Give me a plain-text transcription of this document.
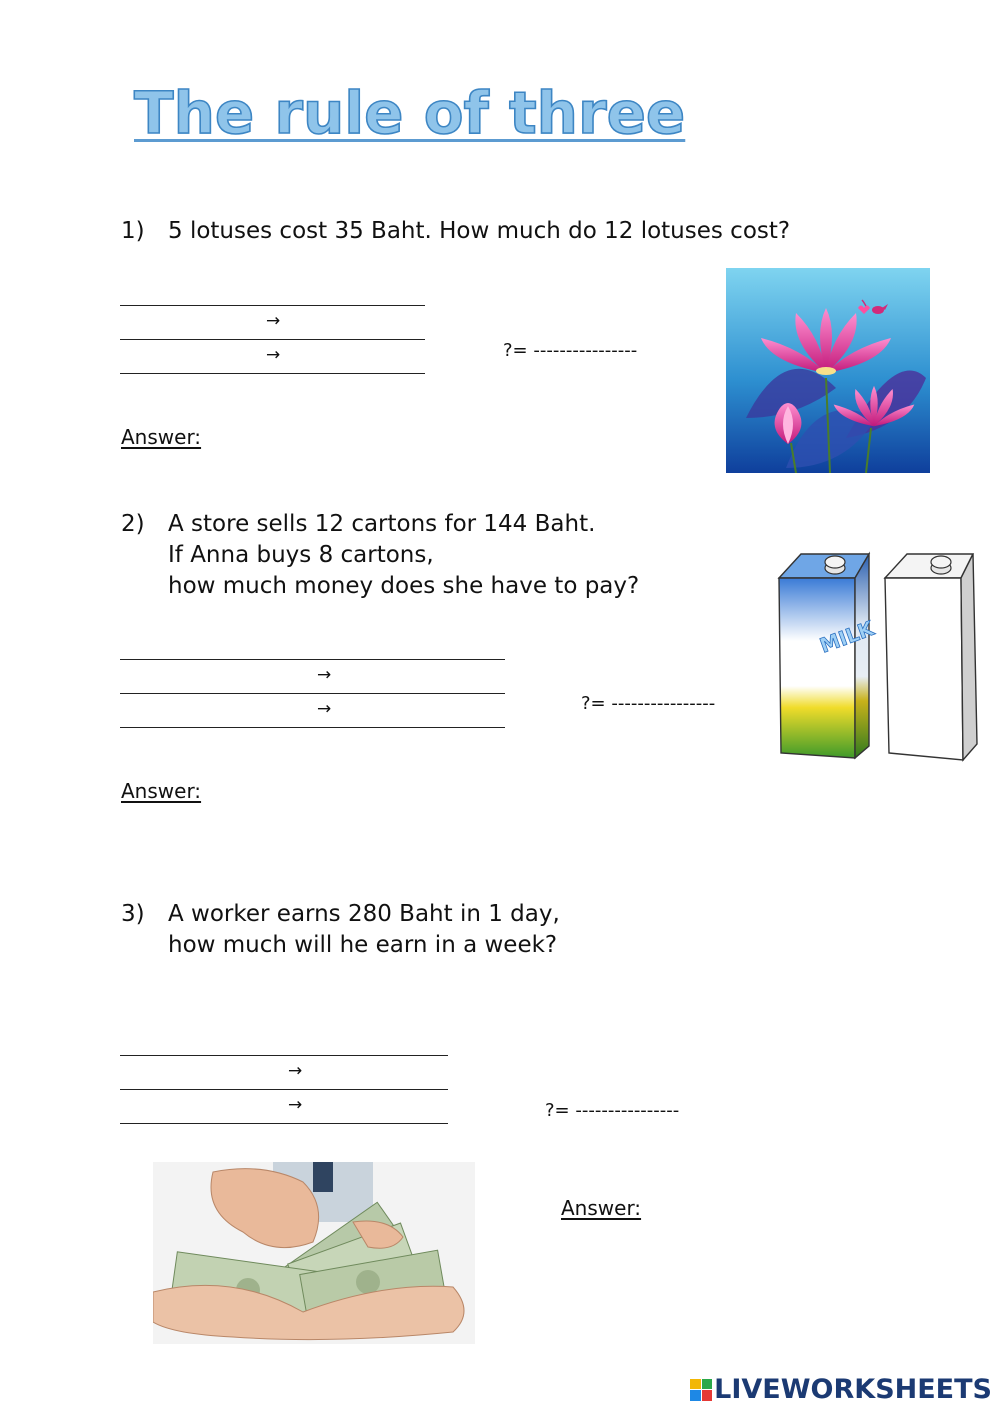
The rule of three
1) 5 lotuses cost 35 Baht. How much do 12 lotuses cost?
→
→	?= ----------------
Answer:
2) A store sells 12 cartons for 144 Baht.
If Anna buys 8 cartons,
how much money does she have to pay?
→
→	?= ----------------
Answer:
MILK
3) A worker earns 280 Baht in 1 day,
how much will he earn in a week?
→
→	?= ----------------
Answer:
LIVEWORKSHEETS
